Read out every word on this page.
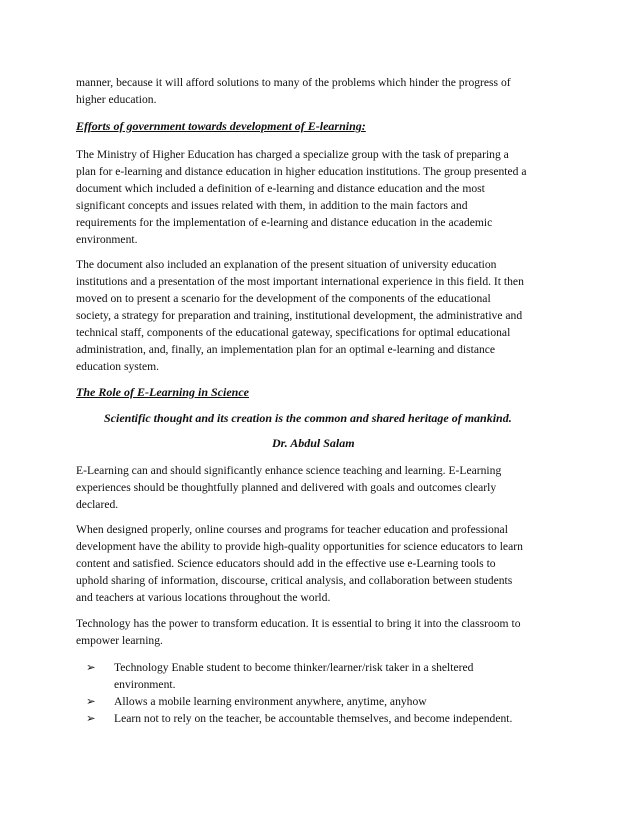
manner, because it will afford solutions to many of the problems which hinder the progress of
higher education.
Efforts of government towards development of E-learning:
The Ministry of Higher Education has charged a specialize group with the task of preparing a
plan for e-learning and distance education in higher education institutions. The group presented a
document which included a definition of e-learning and distance education and the most
significant concepts and issues related with them, in addition to the main factors and
requirements for the implementation of e-learning and distance education in the academic
environment.
The document also included an explanation of the present situation of university education
institutions and a presentation of the most important international experience in this field. It then
moved on to present a scenario for the development of the components of the educational
society, a strategy for preparation and training, institutional development, the administrative and
technical staff, components of the educational gateway, specifications for optimal educational
administration, and, finally, an implementation plan for an optimal e-learning and distance
education system.
The Role of E-Learning in Science
Scientific thought and its creation is the common and shared heritage of mankind.
Dr. Abdul Salam
E-Learning can and should significantly enhance science teaching and learning. E-Learning
experiences should be thoughtfully planned and delivered with goals and outcomes clearly
declared.
When designed properly, online courses and programs for teacher education and professional
development have the ability to provide high-quality opportunities for science educators to learn
content and satisfied. Science educators should add in the effective use e-Learning tools to
uphold sharing of information, discourse, critical analysis, and collaboration between students
and teachers at various locations throughout the world.
Technology has the power to transform education. It is essential to bring it into the classroom to
empower learning.
➢ Technology Enable student to become thinker/learner/risk taker in a sheltered
environment.
➢ Allows a mobile learning environment anywhere, anytime, anyhow
➢ Learn not to rely on the teacher, be accountable themselves, and become independent.
